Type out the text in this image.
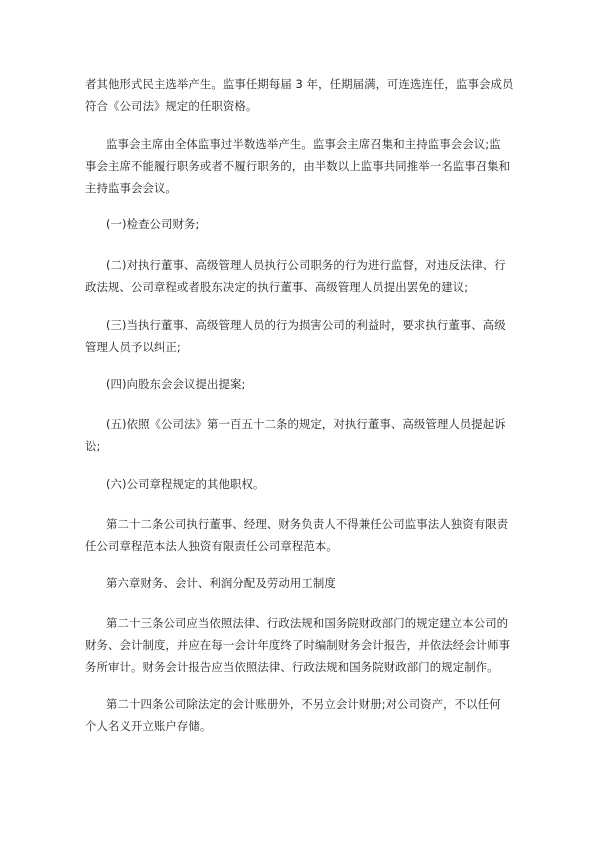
者其他形式民主选举产生。监事任期每届 3 年，任期届满，可连选连任，监事会成员
符合《公司法》规定的任职资格。
监事会主席由全体监事过半数选举产生。监事会主席召集和主持监事会会议;监
事会主席不能履行职务或者不履行职务的，由半数以上监事共同推举一名监事召集和
主持监事会会议。
(一)检查公司财务;
(二)对执行董事、高级管理人员执行公司职务的行为进行监督，对违反法律、行
政法规、公司章程或者股东决定的执行董事、高级管理人员提出罢免的建议;
(三)当执行董事、高级管理人员的行为损害公司的利益时，要求执行董事、高级
管理人员予以纠正;
(四)向股东会会议提出提案;
(五)依照《公司法》第一百五十二条的规定，对执行董事、高级管理人员提起诉
讼;
(六)公司章程规定的其他职权。
第二十二条公司执行董事、经理、财务负责人不得兼任公司监事法人独资有限责
任公司章程范本法人独资有限责任公司章程范本。
第六章财务、会计、利润分配及劳动用工制度
第二十三条公司应当依照法律、行政法规和国务院财政部门的规定建立本公司的
财务、会计制度，并应在每一会计年度终了时编制财务会计报告，并依法经会计师事
务所审计。财务会计报告应当依照法律、行政法规和国务院财政部门的规定制作。
第二十四条公司除法定的会计账册外，不另立会计财册;对公司资产，不以任何
个人名义开立账户存储。
